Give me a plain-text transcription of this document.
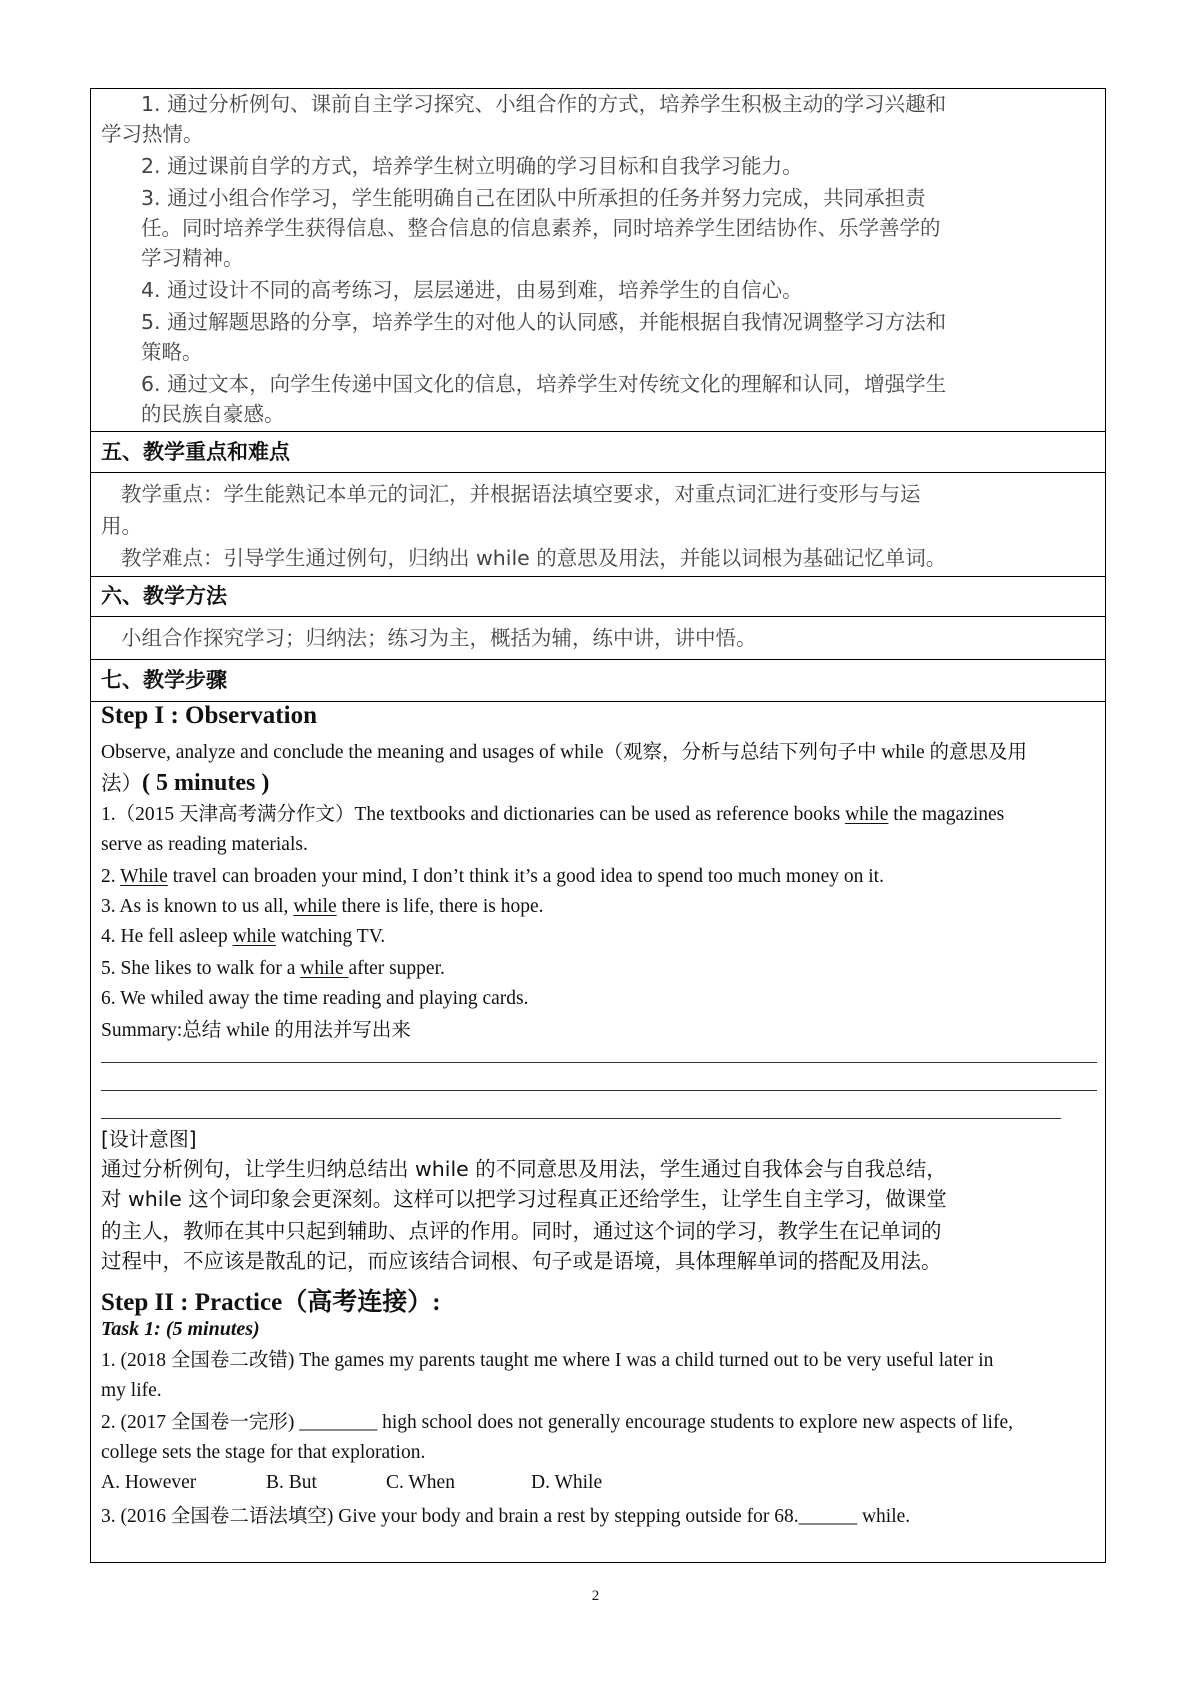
1. 通过分析例句、课前自主学习探究、小组合作的方式，培养学生积极主动的学习兴趣和
学习热情。
2. 通过课前自学的方式，培养学生树立明确的学习目标和自我学习能力。
3. 通过小组合作学习，学生能明确自己在团队中所承担的任务并努力完成，共同承担责
任。同时培养学生获得信息、整合信息的信息素养，同时培养学生团结协作、乐学善学的
学习精神。
4. 通过设计不同的高考练习，层层递进，由易到难，培养学生的自信心。
5. 通过解题思路的分享，培养学生的对他人的认同感，并能根据自我情况调整学习方法和
策略。
6. 通过文本，向学生传递中国文化的信息，培养学生对传统文化的理解和认同，增强学生
的民族自豪感。
五、教学重点和难点
教学重点：学生能熟记本单元的词汇，并根据语法填空要求，对重点词汇进行变形与与运
用。
教学难点：引导学生通过例句，归纳出 while 的意思及用法，并能以词根为基础记忆单词。
六、教学方法
小组合作探究学习；归纳法；练习为主，概括为辅，练中讲，讲中悟。
七、教学步骤
Step I : Observation
Observe, analyze and conclude the meaning and usages of while（观察，分析与总结下列句子中 while 的意思及用
法）( 5 minutes )
1.（2015 天津高考满分作文）The textbooks and dictionaries can be used as reference books while the magazines
serve as reading materials.
2. While travel can broaden your mind, I don’t think it’s a good idea to spend too much money on it.
3. As is known to us all, while there is life, there is hope.
4. He fell asleep while watching TV.
5. She likes to walk for a while after supper.
6. We whiled away the time reading and playing cards.
Summary:总结 while 的用法并写出来
[设计意图]
通过分析例句，让学生归纳总结出 while 的不同意思及用法，学生通过自我体会与自我总结，
对 while 这个词印象会更深刻。这样可以把学习过程真正还给学生，让学生自主学习，做课堂
的主人，教师在其中只起到辅助、点评的作用。同时，通过这个词的学习，教学生在记单词的
过程中，不应该是散乱的记，而应该结合词根、句子或是语境，具体理解单词的搭配及用法。
Step II : Practice（高考连接）:
Task 1: (5 minutes)
1. (2018 全国卷二改错) The games my parents taught me where I was a child turned out to be very useful later in
my life.
2. (2017 全国卷一完形) ________ high school does not generally encourage students to explore new aspects of life,
college sets the stage for that exploration.
A. However	B. But	C. When	D. While
3. (2016 全国卷二语法填空) Give your body and brain a rest by stepping outside for 68.______ while.
2
